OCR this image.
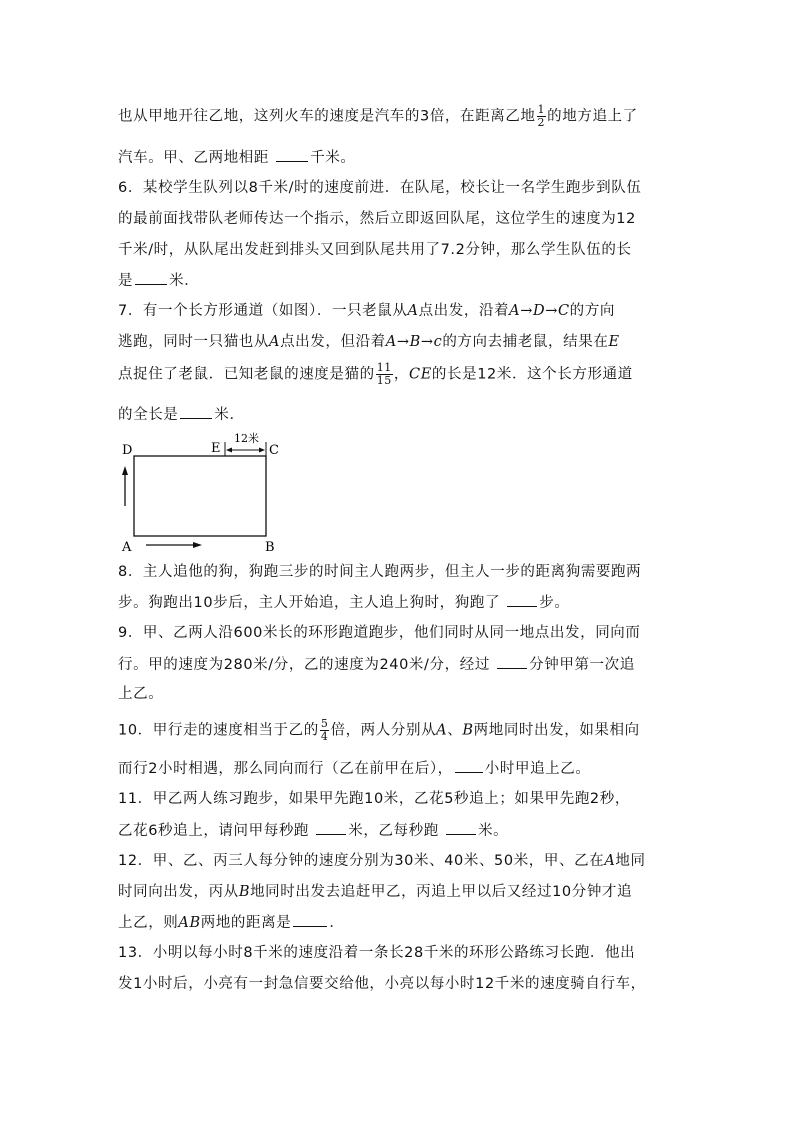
也从甲地开往乙地，这列火车的速度是汽车的3倍，在距离乙地 $\frac{1}{2}$ 的地方追上了
汽车。甲、乙两地相距	千米。
6．某校学生队列以8千米/时的速度前进．在队尾，校长让一名学生跑步到队伍
的最前面找带队老师传达一个指示，然后立即返回队尾，这位学生的速度为12
千米/时，从队尾出发赶到排头又回到队尾共用了7.2分钟，那么学生队伍的长
是 米．
7．有一个长方形通道（如图）．一只老鼠从A点出发，沿着A→D→C的方向
逃跑，同时一只猫也从A点出发，但沿着A→B→c的方向去捕老鼠，结果在E
点捉住了老鼠．已知老鼠的速度是猫的 $\frac{11}{15}$ ，CE的长是12米．这个长方形通道
的全长是 米．
12米
D	E	C
A	B
8．主人追他的狗，狗跑三步的时间主人跑两步，但主人一步的距离狗需要跑两
步。狗跑出10步后，主人开始追，主人追上狗时，狗跑了	步。
9．甲、乙两人沿600米长的环形跑道跑步，他们同时从同一地点出发，同向而
行。甲的速度为280米/分，乙的速度为240米/分，经过	分钟甲第一次追
上乙。
10．甲行走的速度相当于乙的 $\frac{5}{4}$ 倍，两人分别从A、B两地同时出发，如果相向
而行2小时相遇，那么同向而行（乙在前甲在后）， 小时甲追上乙。
11．甲乙两人练习跑步，如果甲先跑10米，乙花5秒追上；如果甲先跑2秒，
乙花6秒追上，请问甲每秒跑	米，乙每秒跑	米。
12．甲、乙、丙三人每分钟的速度分别为30米、40米、50米，甲、乙在A地同
时同向出发，丙从B地同时出发去追赶甲乙，丙追上甲以后又经过10分钟才追
上乙，则AB两地的距离是	．
13．小明以每小时8千米的速度沿着一条长28千米的环形公路练习长跑．他出
发1小时后，小亮有一封急信要交给他，小亮以每小时12千米的速度骑自行车，
